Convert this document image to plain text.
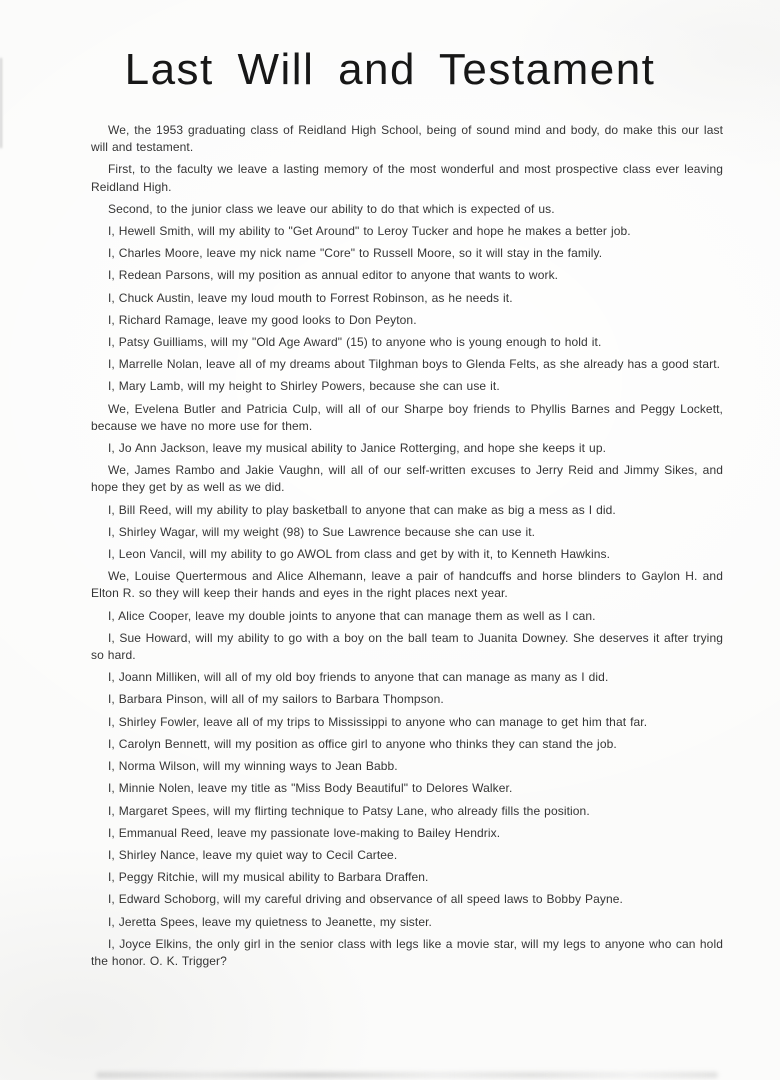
Last Will and Testament

We, the 1953 graduating class of Reidland High School, being of sound mind and body, do make this our last will and testament.

First, to the faculty we leave a lasting memory of the most wonderful and most prospective class ever leaving Reidland High.

Second, to the junior class we leave our ability to do that which is expected of us.

I, Hewell Smith, will my ability to "Get Around" to Leroy Tucker and hope he makes a better job.

I, Charles Moore, leave my nick name "Core" to Russell Moore, so it will stay in the family.

I, Redean Parsons, will my position as annual editor to anyone that wants to work.

I, Chuck Austin, leave my loud mouth to Forrest Robinson, as he needs it.

I, Richard Ramage, leave my good looks to Don Peyton.

I, Patsy Guilliams, will my "Old Age Award" (15) to anyone who is young enough to hold it.

I, Marrelle Nolan, leave all of my dreams about Tilghman boys to Glenda Felts, as she already has a good start.

I, Mary Lamb, will my height to Shirley Powers, because she can use it.

We, Evelena Butler and Patricia Culp, will all of our Sharpe boy friends to Phyllis Barnes and Peggy Lockett, because we have no more use for them.

I, Jo Ann Jackson, leave my musical ability to Janice Rotterging, and hope she keeps it up.

We, James Rambo and Jakie Vaughn, will all of our self-written excuses to Jerry Reid and Jimmy Sikes, and hope they get by as well as we did.

I, Bill Reed, will my ability to play basketball to anyone that can make as big a mess as I did.

I, Shirley Wagar, will my weight (98) to Sue Lawrence because she can use it.

I, Leon Vancil, will my ability to go AWOL from class and get by with it, to Kenneth Hawkins.

We, Louise Quertermous and Alice Alhemann, leave a pair of handcuffs and horse blinders to Gaylon H. and Elton R. so they will keep their hands and eyes in the right places next year.

I, Alice Cooper, leave my double joints to anyone that can manage them as well as I can.

I, Sue Howard, will my ability to go with a boy on the ball team to Juanita Downey. She deserves it after trying so hard.

I, Joann Milliken, will all of my old boy friends to anyone that can manage as many as I did.

I, Barbara Pinson, will all of my sailors to Barbara Thompson.

I, Shirley Fowler, leave all of my trips to Mississippi to anyone who can manage to get him that far.

I, Carolyn Bennett, will my position as office girl to anyone who thinks they can stand the job.

I, Norma Wilson, will my winning ways to Jean Babb.

I, Minnie Nolen, leave my title as "Miss Body Beautiful" to Delores Walker.

I, Margaret Spees, will my flirting technique to Patsy Lane, who already fills the position.

I, Emmanual Reed, leave my passionate love-making to Bailey Hendrix.

I, Shirley Nance, leave my quiet way to Cecil Cartee.

I, Peggy Ritchie, will my musical ability to Barbara Draffen.

I, Edward Schoborg, will my careful driving and observance of all speed laws to Bobby Payne.

I, Jeretta Spees, leave my quietness to Jeanette, my sister.

I, Joyce Elkins, the only girl in the senior class with legs like a movie star, will my legs to anyone who can hold the honor. O. K. Trigger?
